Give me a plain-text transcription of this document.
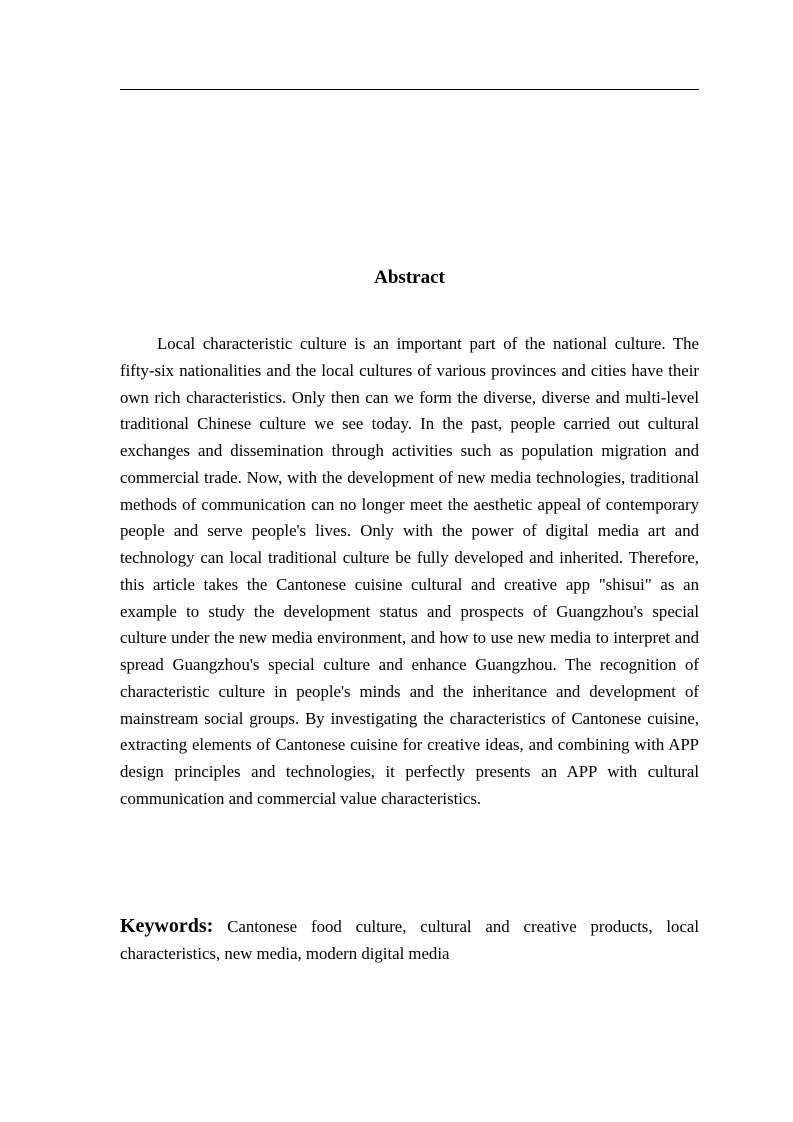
Abstract

Local characteristic culture is an important part of the national culture. The fifty-six nationalities and the local cultures of various provinces and cities have their own rich characteristics. Only then can we form the diverse, diverse and multi-level traditional Chinese culture we see today. In the past, people carried out cultural exchanges and dissemination through activities such as population migration and commercial trade. Now, with the development of new media technologies, traditional methods of communication can no longer meet the aesthetic appeal of contemporary people and serve people's lives. Only with the power of digital media art and technology can local traditional culture be fully developed and inherited. Therefore, this article takes the Cantonese cuisine cultural and creative app "shisui" as an example to study the development status and prospects of Guangzhou's special culture under the new media environment, and how to use new media to interpret and spread Guangzhou's special culture and enhance Guangzhou. The recognition of characteristic culture in people's minds and the inheritance and development of mainstream social groups. By investigating the characteristics of Cantonese cuisine, extracting elements of Cantonese cuisine for creative ideas, and combining with APP design principles and technologies, it perfectly presents an APP with cultural communication and commercial value characteristics.

Keywords: Cantonese food culture, cultural and creative products, local characteristics, new media, modern digital media
